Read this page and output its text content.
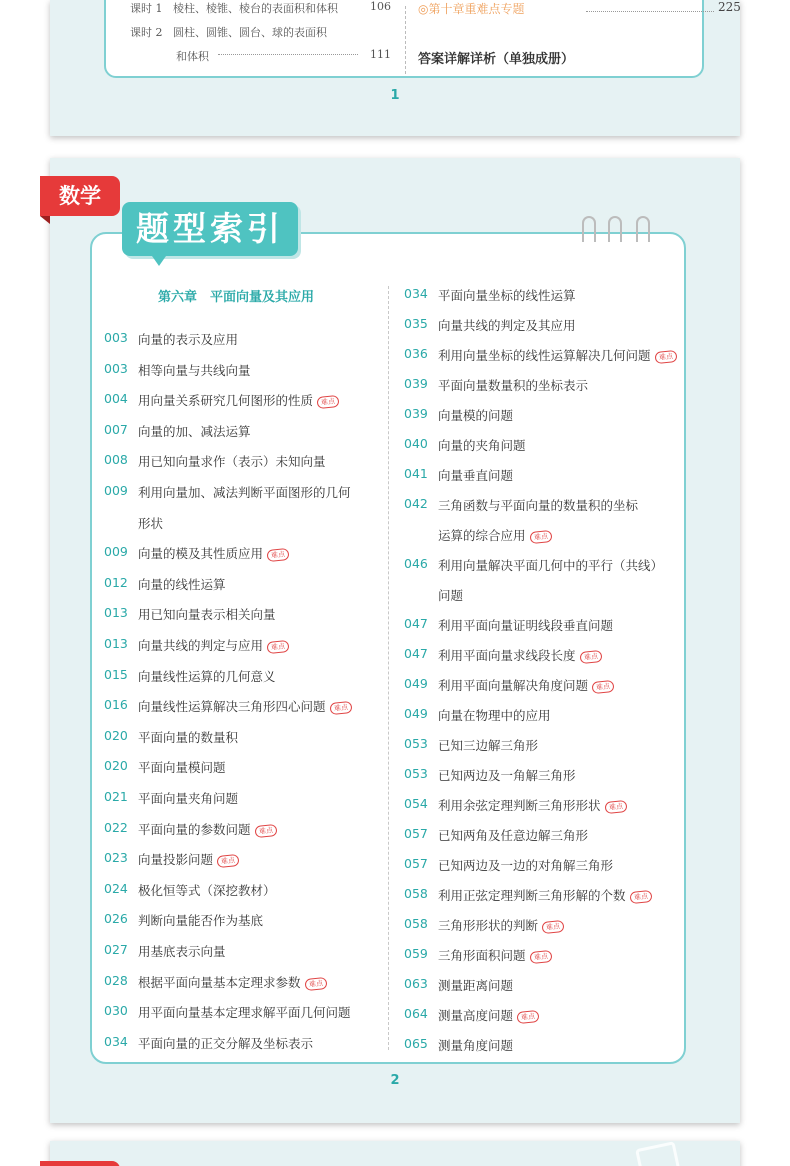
课时 1 棱柱、棱锥、棱台的表面积和体积	106
课时 2 圆柱、圆锥、圆台、球的表面积
和体积	111
◎第十章重难点专题	225
答案详解详析（单独成册）
1
数学
第六章　平面向量及其应用
003 向量的表示及应用
003 相等向量与共线向量
004 用向量关系研究几何图形的性质 难点
007 向量的加、减法运算
008 用已知向量求作（表示）未知向量
009 利用向量加、减法判断平面图形的几何
形状
009 向量的模及其性质应用 难点
012 向量的线性运算
013 用已知向量表示相关向量
013 向量共线的判定与应用 难点
015 向量线性运算的几何意义
016 向量线性运算解决三角形四心问题 难点
020 平面向量的数量积
020 平面向量模问题
021 平面向量夹角问题
022 平面向量的参数问题 难点
023 向量投影问题 难点
024 极化恒等式（深挖教材）
026 判断向量能否作为基底
027 用基底表示向量
028 根据平面向量基本定理求参数 难点
030 用平面向量基本定理求解平面几何问题
034 平面向量的正交分解及坐标表示
034 平面向量坐标的线性运算
035 向量共线的判定及其应用
036 利用向量坐标的线性运算解决几何问题 难点
039 平面向量数量积的坐标表示
039 向量模的问题
040 向量的夹角问题
041 向量垂直问题
042 三角函数与平面向量的数量积的坐标
运算的综合应用 难点
046 利用向量解决平面几何中的平行（共线）
问题
047 利用平面向量证明线段垂直问题
047 利用平面向量求线段长度 难点
049 利用平面向量解决角度问题 难点
049 向量在物理中的应用
053 已知三边解三角形
053 已知两边及一角解三角形
054 利用余弦定理判断三角形形状 难点
057 已知两角及任意边解三角形
057 已知两边及一边的对角解三角形
058 利用正弦定理判断三角形解的个数 难点
058 三角形形状的判断 难点
059 三角形面积问题 难点
063 测量距离问题
064 测量高度问题 难点
065 测量角度问题
题型索引
2
